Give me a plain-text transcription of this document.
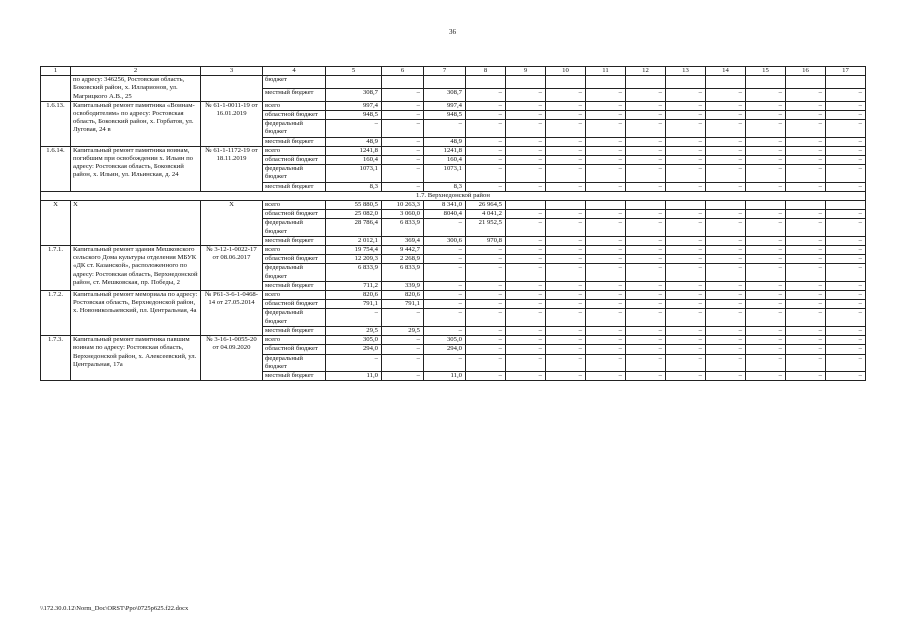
36
1	2	3	4	5	6	7	8	9	10	11	12	13	14	15	16	17
	по адресу: 346256, Ростовская область, Боковский район, х. Илларионов, ул. Магрицкого А.В., 25		бюджет													
			местный бюджет	308,7	–	308,7	–	–	–	–	–	–	–	–	–	–
1.6.13.	Капитальный ремонт памятника «Воинам-освободителям» по адресу: Ростовская область, Боковский район, х. Горбатов, ул. Луговая, 24 в	№ 61-1-0011-19 от 16.01.2019	всего	997,4	–	997,4	–	–	–	–	–	–	–	–	–	–
			областной бюджет	948,5	–	948,5	–	–	–	–	–	–	–	–	–	–
			федеральный бюджет	–	–	–	–	–	–	–	–	–	–	–	–	–
			местный бюджет	48,9	–	48,9	–	–	–	–	–	–	–	–	–	–
1.6.14.	Капитальный ремонт памятника воинам, погибшим при освобождении х. Ильин по адресу: Ростовская область, Боковский район, х. Ильин, ул. Ильинская, д. 24	№ 61-1-1172-19 от 18.11.2019	всего	1241,8	–	1241,8	–	–	–	–	–	–	–	–	–	–
			областной бюджет	160,4	–	160,4	–	–	–	–	–	–	–	–	–	–
			федеральный бюджет	1073,1	–	1073,1	–	–	–	–	–	–	–	–	–	–
			местный бюджет	8,3	–	8,3	–	–	–	–	–	–	–	–	–	–
1.7. Верхнедонской район																
Х	Х	Х	всего	55 880,5	10 263,3	8 341,0	26 964,5									
			областной бюджет	25 082,0	3 060,0	8040,4	4 041,2	–	–	–	–	–	–	–	–	–
			федеральный бюджет	28 786,4	6 833,9	–	21 952,5	–	–	–	–	–	–	–	–	–
			местный бюджет	2 012,1	369,4	300,6	970,8	–	–	–	–	–	–	–	–	–
1.7.1.	Капитальный ремонт здания Мешковского сельского Дома культуры отделения МБУК «ДК ст. Казанской», расположенного по адресу: Ростовская область, Верхнедонской район, ст. Мешковская, пр. Победы, 2	№ 3-12-1-0022-17 от 08.06.2017	всего	19 754,4	9 442,7	–	–	–	–	–	–	–	–	–	–	–
			областной бюджет	12 209,3	2 268,9	–	–	–	–	–	–	–	–	–	–	–
			федеральный бюджет	6 833,9	6 833,9	–	–	–	–	–	–	–	–	–	–	–
			местный бюджет	711,2	339,9	–	–	–	–	–	–	–	–	–	–	–
1.7.2.	Капитальный ремонт мемориала по адресу: Ростовская область, Верхнедонской район, х. Новоникольаевский, пл. Центральная, 4а	№ Р61-3-6-1-0468-14 от 27.05.2014	всего	820,6	820,6	–	–	–	–	–	–	–	–	–	–	–
			областной бюджет	791,1	791,1	–	–	–	–	–	–	–	–	–	–	–
			федеральный бюджет	–	–	–	–	–	–	–	–	–	–	–	–	–
			местный бюджет	29,5	29,5	–	–	–	–	–	–	–	–	–	–	–
1.7.3.	Капитальный ремонт памятника павшим воинам по адресу: Ростовская область, Верхнедонской район, х. Алексеевский, ул. Центральная, 17а	№ 3-16-1-0055-20 от 04.09.2020	всего	305,0	–	305,0	–	–	–	–	–	–	–	–	–	–
			областной бюджет	294,0	–	294,0	–	–	–	–	–	–	–	–	–	–
			федеральный бюджет	–	–	–	–	–	–	–	–	–	–	–	–	–
			местный бюджет	11,0	–	11,0	–	–	–	–	–	–	–	–	–	–
\\172.30.0.12\Norm_Doc\ORST\Ppo\0725p625.f22.docx
